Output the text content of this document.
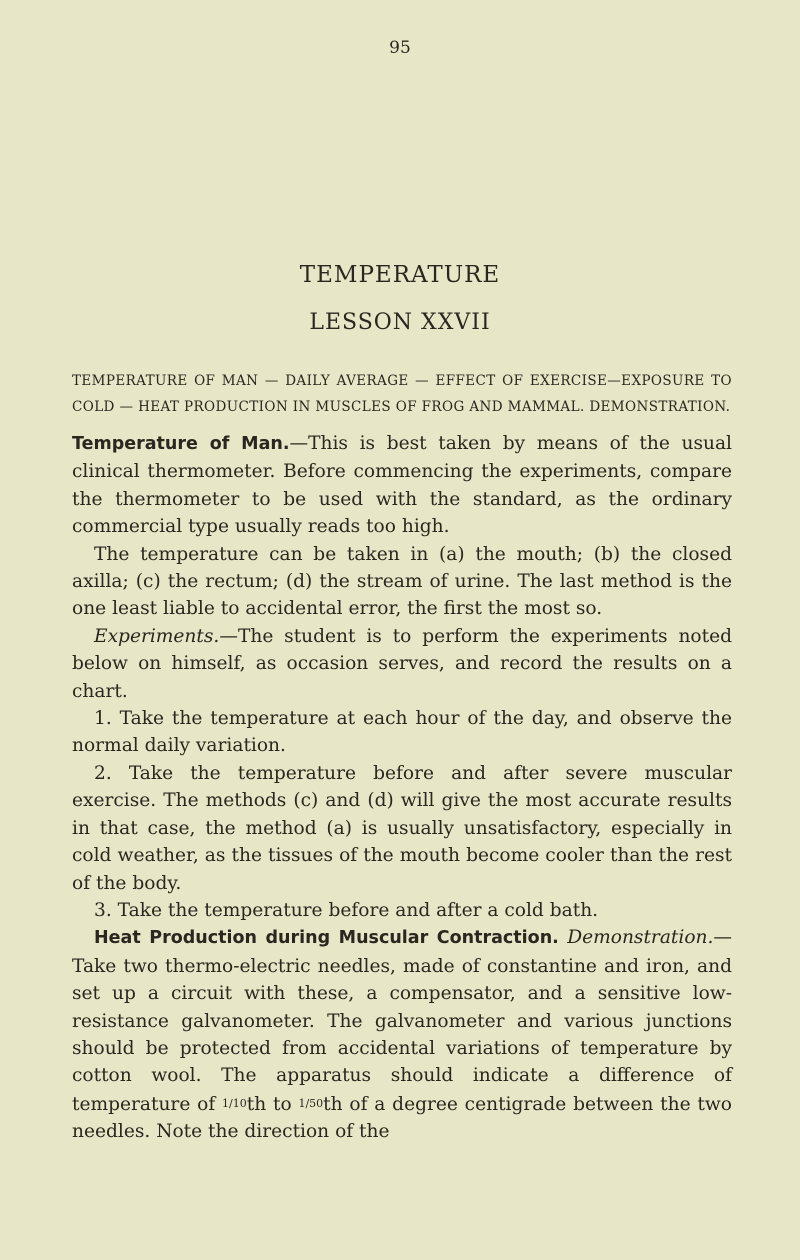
95
TEMPERATURE
LESSON XXVII
TEMPERATURE OF MAN — DAILY AVERAGE — EFFECT OF EXERCISE—EXPOSURE TO COLD — HEAT PRODUCTION IN MUSCLES OF FROG AND MAMMAL. DEMONSTRATION.

Temperature of Man.—This is best taken by means of the usual clinical thermometer. Before commencing the experiments, compare the thermometer to be used with the standard, as the ordinary commercial type usually reads too high.

The temperature can be taken in (a) the mouth; (b) the closed axilla; (c) the rectum; (d) the stream of urine. The last method is the one least liable to accidental error, the first the most so.

Experiments.—The student is to perform the experiments noted below on himself, as occasion serves, and record the results on a chart.

1. Take the temperature at each hour of the day, and observe the normal daily variation.

2. Take the temperature before and after severe muscular exercise. The methods (c) and (d) will give the most accurate results in that case, the method (a) is usually unsatisfactory, especially in cold weather, as the tissues of the mouth become cooler than the rest of the body.

3. Take the temperature before and after a cold bath.

Heat Production during Muscular Contraction. Demonstration.—Take two thermo-electric needles, made of constantine and iron, and set up a circuit with these, a compensator, and a sensitive low-resistance galvanometer. The galvanometer and various junctions should be protected from accidental variations of temperature by cotton wool. The apparatus should indicate a difference of temperature of 1/10th to 1/50th of a degree centigrade between the two needles. Note the direction of the
